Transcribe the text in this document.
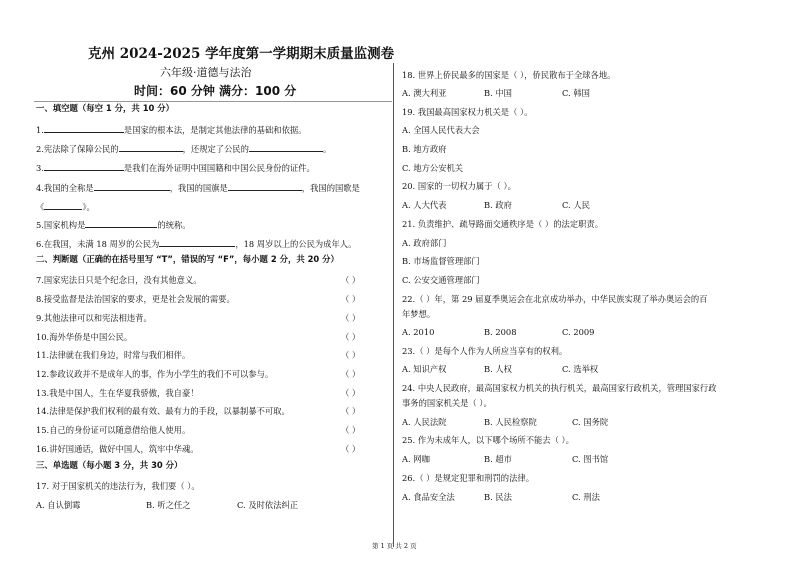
克州 2024-2025 学年度第一学期期末质量监测卷
六年级·道德与法治
时间：60 分钟 满分：100 分
一、填空题（每空 1 分，共 10 分）
1.	是国家的根本法，是制定其他法律的基础和依据。
2.宪法除了保障公民的	，还规定了公民的	。
3.	是我们在海外证明中国国籍和中国公民身份的证件。
4.我国的全称是	，我国的国旗是	，我国的国歌是
《	》。
5.国家机构是	的统称。
6.在我国，未满 18 周岁的公民为	，18 周岁以上的公民为成年人。
二、判断题（正确的在括号里写 “T”，错误的写 “F”，每小题 2 分，共 20 分）
7.国家宪法日只是个纪念日，没有其他意义。	（ ）
8.接受监督是法治国家的要求，更是社会发展的需要。	（ ）
9.其他法律可以和宪法相违背。	（ ）
10.海外华侨是中国公民。	（ ）
11.法律就在我们身边，时常与我们相伴。	（ ）
12.参政议政并不是成年人的事，作为小学生的我们不可以参与。	（ ）
13.我是中国人，生在华夏我骄傲，我自豪！	（ ）
14.法律是保护我们权利的最有效、最有力的手段，以暴制暴不可取。	（ ）
15.自己的身份证可以随意借给他人使用。	（ ）
16.讲好国通话，做好中国人，筑牢中华魂。	（ ）
三、单选题（每小题 3 分，共 30 分）
17. 对于国家机关的违法行为，我们要（ ）。
A. 自认倒霉	B. 听之任之	C. 及时依法纠正
18. 世界上侨民最多的国家是（ ），侨民散布于全球各地。
A. 澳大利亚	B. 中国	C. 韩国
19. 我国最高国家权力机关是（ ）。
A. 全国人民代表大会
B. 地方政府
C. 地方公安机关
20. 国家的一切权力属于（ ）。
A. 人大代表	B. 政府	C. 人民
21. 负责维护、疏导路面交通秩序是（ ）的法定职责。
A. 政府部门
B. 市场监督管理部门
C. 公安交通管理部门
22.（ ）年，第 29 届夏季奥运会在北京成功举办，中华民族实现了举办奥运会的百
年梦想。
A. 2010	B. 2008	C. 2009
23.（ ）是每个人作为人所应当享有的权利。
A. 知识产权	B. 人权	C. 选举权
24. 中央人民政府，最高国家权力机关的执行机关，最高国家行政机关，管理国家行政
事务的国家机关是（ ）。
A. 人民法院	B. 人民检察院	C. 国务院
25. 作为未成年人，以下哪个场所不能去（ ）。
A. 网咖	B. 超市	C. 图书馆
26.（ ）是规定犯罪和刑罚的法律。
A. 食品安全法	B. 民法	C. 刑法
第 1 页 共 2 页
